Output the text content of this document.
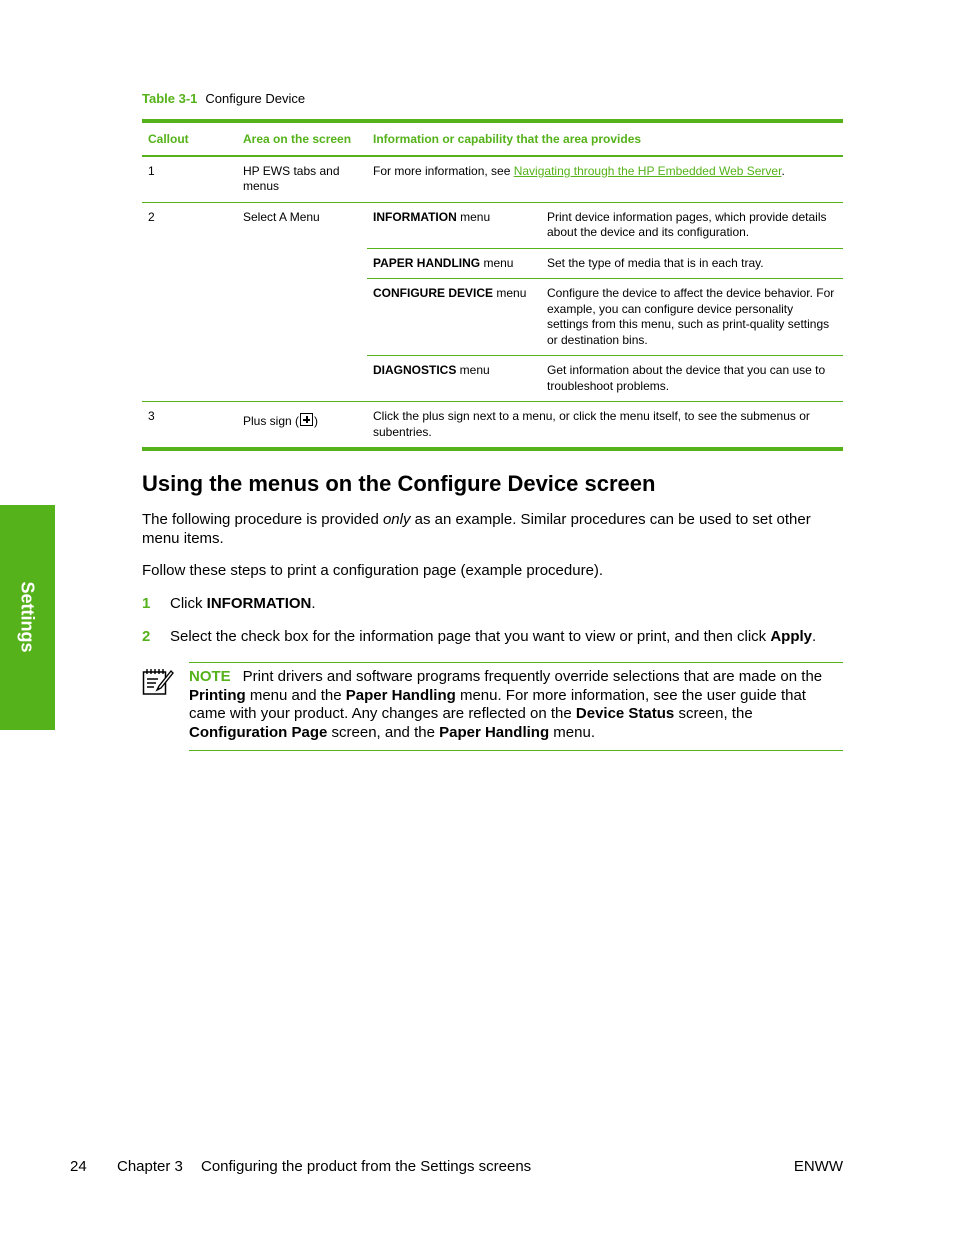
Settings
Table 3-1 Configure Device
Callout	Area on the screen	Information or capability that the area provides	
1	HP EWS tabs and menus	For more information, see Navigating through the HP Embedded Web Server.	
2	Select A Menu	INFORMATION menu	Print device information pages, which provide details about the device and its configuration.
		PAPER HANDLING menu	Set the type of media that is in each tray.
		CONFIGURE DEVICE menu	Configure the device to affect the device behavior. For example, you can configure device personality settings from this menu, such as print-quality settings or destination bins.
		DIAGNOSTICS menu	Get information about the device that you can use to troubleshoot problems.
3	Plus sign ( )	Click the plus sign next to a menu, or click the menu itself, to see the submenus or subentries.	
Using the menus on the Configure Device screen

The following procedure is provided only as an example. Similar procedures can be used to set other menu items.

Follow these steps to print a configuration page (example procedure).

1 Click INFORMATION.
2 Select the check box for the information page that you want to view or print, and then click Apply.
NOTE Print drivers and software programs frequently override selections that are made on the Printing menu and the Paper Handling menu. For more information, see the user guide that came with your product. Any changes are reflected on the Device Status screen, the Configuration Page screen, and the Paper Handling menu.
24 Chapter 3 Configuring the product from the Settings screens	ENWW
